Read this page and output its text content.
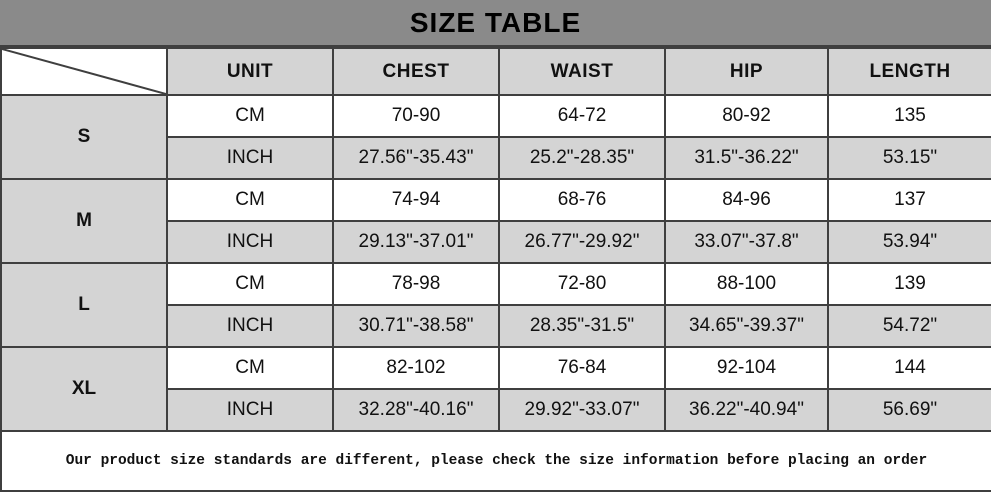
SIZE TABLE
	UNIT	CHEST	WAIST	HIP	LENGTH
S	CM	70-90	64-72	80-92	135
	INCH	27.56"-35.43"	25.2"-28.35"	31.5"-36.22"	53.15"
M	CM	74-94	68-76	84-96	137
	INCH	29.13"-37.01"	26.77"-29.92"	33.07"-37.8"	53.94"
L	CM	78-98	72-80	88-100	139
	INCH	30.71"-38.58"	28.35"-31.5"	34.65"-39.37"	54.72"
XL	CM	82-102	76-84	92-104	144
	INCH	32.28"-40.16"	29.92"-33.07"	36.22"-40.94"	56.69"

Our product size standards are different, please check the size information before placing an order					
